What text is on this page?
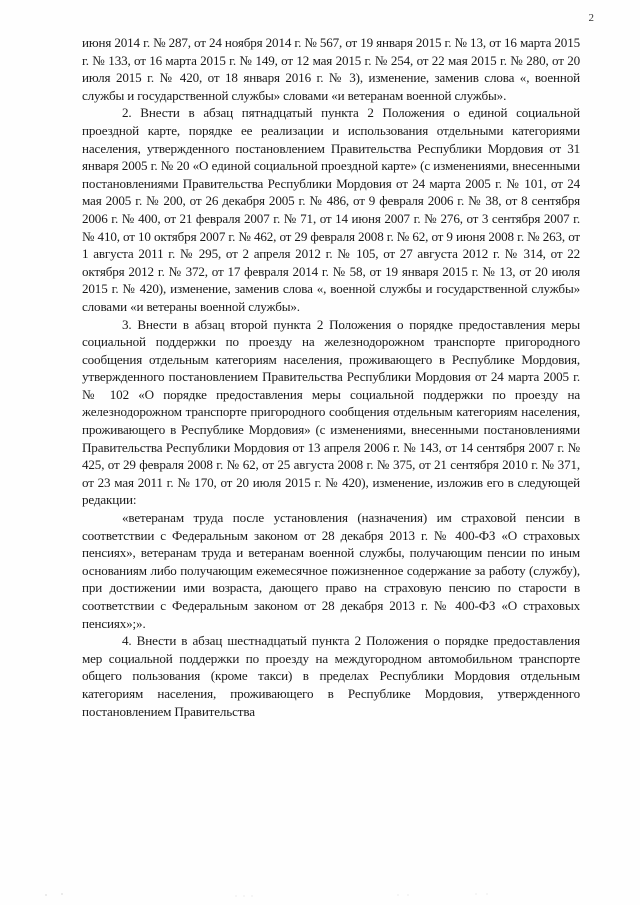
2

июня 2014 г. № 287, от 24 ноября 2014 г. № 567, от 19 января 2015 г. № 13, от 16 марта 2015 г. № 133, от 16 марта 2015 г. № 149, от 12 мая 2015 г. № 254, от 22 мая 2015 г. № 280, от 20 июля 2015 г. № 420, от 18 января 2016 г. № 3), изменение, заменив слова «, военной службы и государственной службы» словами «и ветеранам военной службы».

2. Внести в абзац пятнадцатый пункта 2 Положения о единой социальной проездной карте, порядке ее реализации и использования отдельными категориями населения, утвержденного постановлением Правительства Республики Мордовия от 31 января 2005 г. № 20 «О единой социальной проездной карте» (с изменениями, внесенными постановлениями Правительства Республики Мордовия от 24 марта 2005 г. № 101, от 24 мая 2005 г. № 200, от 26 декабря 2005 г. № 486, от 9 февраля 2006 г. № 38, от 8 сентября 2006 г. № 400, от 21 февраля 2007 г. № 71, от 14 июня 2007 г. № 276, от 3 сентября 2007 г. № 410, от 10 октября 2007 г. № 462, от 29 февраля 2008 г. № 62, от 9 июня 2008 г. № 263, от 1 августа 2011 г. № 295, от 2 апреля 2012 г. № 105, от 27 августа 2012 г. № 314, от 22 октября 2012 г. № 372, от 17 февраля 2014 г. № 58, от 19 января 2015 г. № 13, от 20 июля 2015 г. № 420), изменение, заменив слова «, военной службы и государственной службы» словами «и ветераны военной службы».

3. Внести в абзац второй пункта 2 Положения о порядке предоставления меры социальной поддержки по проезду на железнодорожном транспорте пригородного сообщения отдельным категориям населения, проживающего в Республике Мордовия, утвержденного постановлением Правительства Республики Мордовия от 24 марта 2005 г. № 102 «О порядке предоставления меры социальной поддержки по проезду на железнодорожном транспорте пригородного сообщения отдельным категориям населения, проживающего в Республике Мордовия» (с изменениями, внесенными постановлениями Правительства Республики Мордовия от 13 апреля 2006 г. № 143, от 14 сентября 2007 г. № 425, от 29 февраля 2008 г. № 62, от 25 августа 2008 г. № 375, от 21 сентября 2010 г. № 371, от 23 мая 2011 г. № 170, от 20 июля 2015 г. № 420), изменение, изложив его в следующей редакции:

«ветеранам труда после установления (назначения) им страховой пенсии в соответствии с Федеральным законом от 28 декабря 2013 г. № 400-ФЗ «О страховых пенсиях», ветеранам труда и ветеранам военной службы, получающим пенсии по иным основаниям либо получающим ежемесячное пожизненное содержание за работу (службу), при достижении ими возраста, дающего право на страховую пенсию по старости в соответствии с Федеральным законом от 28 декабря 2013 г. № 400-ФЗ «О страховых пенсиях»;».

4. Внести в абзац шестнадцатый пункта 2 Положения о порядке предоставления мер социальной поддержки по проезду на междугородном автомобильном транспорте общего пользования (кроме такси) в пределах Республики Мордовия отдельным категориям населения, проживающего в Республике Мордовия, утвержденного постановлением Правительства
